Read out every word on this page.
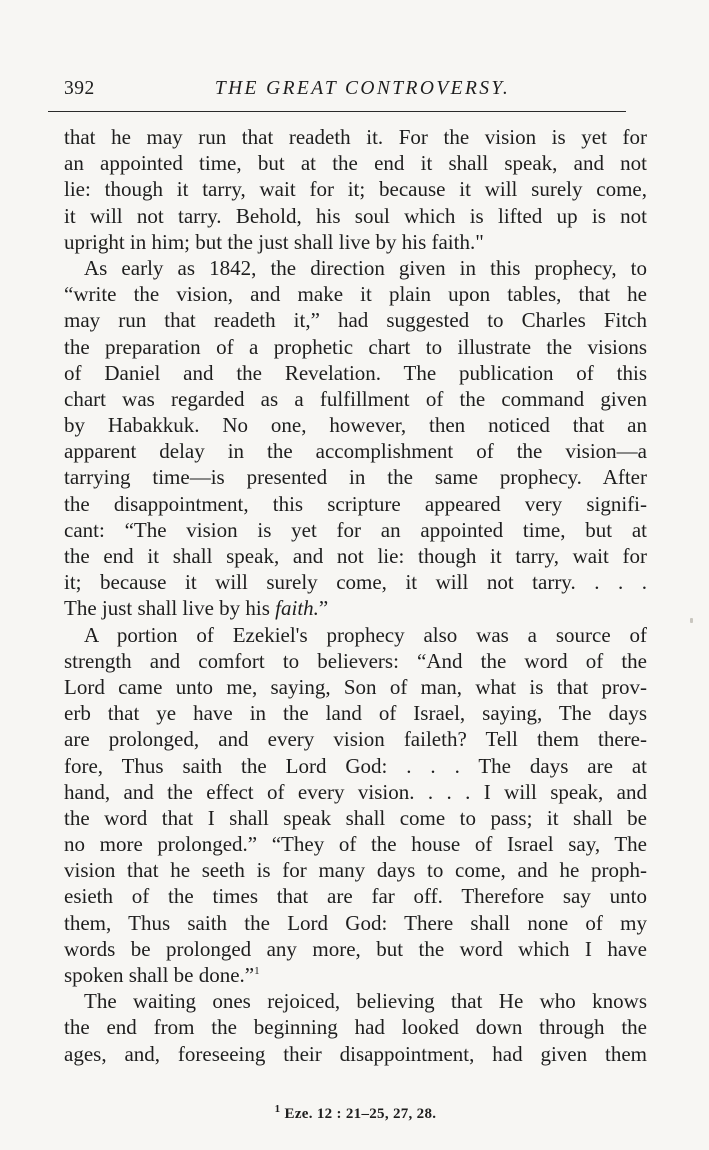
392	THE GREAT CONTROVERSY.
that he may run that readeth it. For the vision is yet for
an appointed time, but at the end it shall speak, and not
lie: though it tarry, wait for it; because it will surely come,
it will not tarry. Behold, his soul which is lifted up is not
upright in him; but the just shall live by his faith."
As early as 1842, the direction given in this prophecy, to
“write the vision, and make it plain upon tables, that he
may run that readeth it,” had suggested to Charles Fitch
the preparation of a prophetic chart to illustrate the visions
of Daniel and the Revelation. The publication of this
chart was regarded as a fulfillment of the command given
by Habakkuk. No one, however, then noticed that an
apparent delay in the accomplishment of the vision—a
tarrying time—is presented in the same prophecy. After
the disappointment, this scripture appeared very signifi-
cant: “The vision is yet for an appointed time, but at
the end it shall speak, and not lie: though it tarry, wait for
it; because it will surely come, it will not tarry. . . .
The just shall live by his faith.”
A portion of Ezekiel's prophecy also was a source of
strength and comfort to believers: “And the word of the
Lord came unto me, saying, Son of man, what is that prov-
erb that ye have in the land of Israel, saying, The days
are prolonged, and every vision faileth? Tell them there-
fore, Thus saith the Lord God: . . . The days are at
hand, and the effect of every vision. . . . I will speak, and
the word that I shall speak shall come to pass; it shall be
no more prolonged.” “They of the house of Israel say, The
vision that he seeth is for many days to come, and he proph-
esieth of the times that are far off. Therefore say unto
them, Thus saith the Lord God: There shall none of my
words be prolonged any more, but the word which I have
spoken shall be done.”$^1$
The waiting ones rejoiced, believing that He who knows
the end from the beginning had looked down through the
ages, and, foreseeing their disappointment, had given them
$^1$ Eze. 12 : 21–25, 27, 28.
